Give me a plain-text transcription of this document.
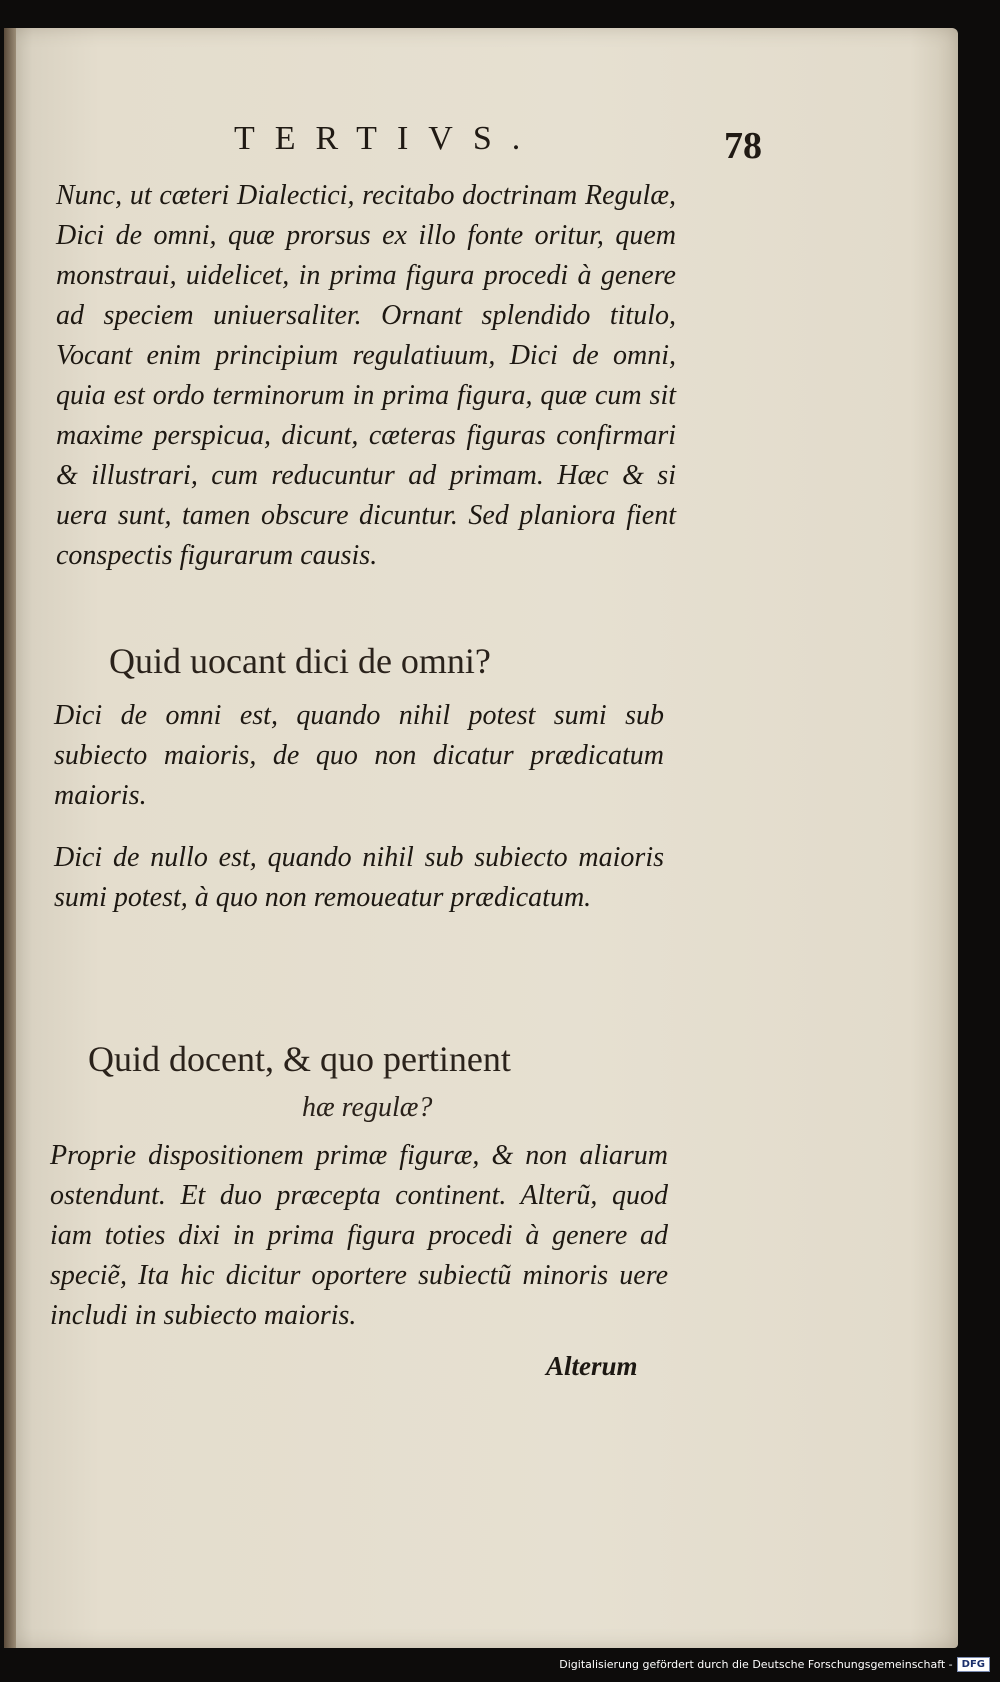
TERTIVS.	78

Nunc, ut cæteri Dialectici, recitabo doctrinam Regulæ, Dici de omni, quæ prorsus ex illo fonte oritur, quem monstraui, uidelicet, in prima figura procedi à genere ad speciem uniuersaliter. Ornant splendido titulo, Vocant enim principium regulatiuum, Dici de omni, quia est ordo terminorum in prima figura, quæ cum sit maxime perspicua, dicunt, cæteras figuras confirmari & illustrari, cum reducuntur ad primam. Hæc & si uera sunt, tamen obscure dicuntur. Sed planiora fient conspectis figurarum causis.

Quid uocant dici de omni?

Dici de omni est, quando nihil potest sumi sub subiecto maioris, de quo non dicatur prædicatum maioris.

Dici de nullo est, quando nihil sub subiecto maioris sumi potest, à quo non remoueatur prædicatum.

Quid docent, & quo pertinent
hæ regulæ?

Proprie dispositionem primæ figuræ, & non aliarum ostendunt. Et duo præcepta continent. Alterũ, quod iam toties dixi in prima figura procedi à genere ad speciẽ, Ita hic dicitur oportere subiectũ minoris uere includi in subiecto maioris.

Alterum
Digitalisierung gefördert durch die Deutsche Forschungsgemeinschaft - DFG
